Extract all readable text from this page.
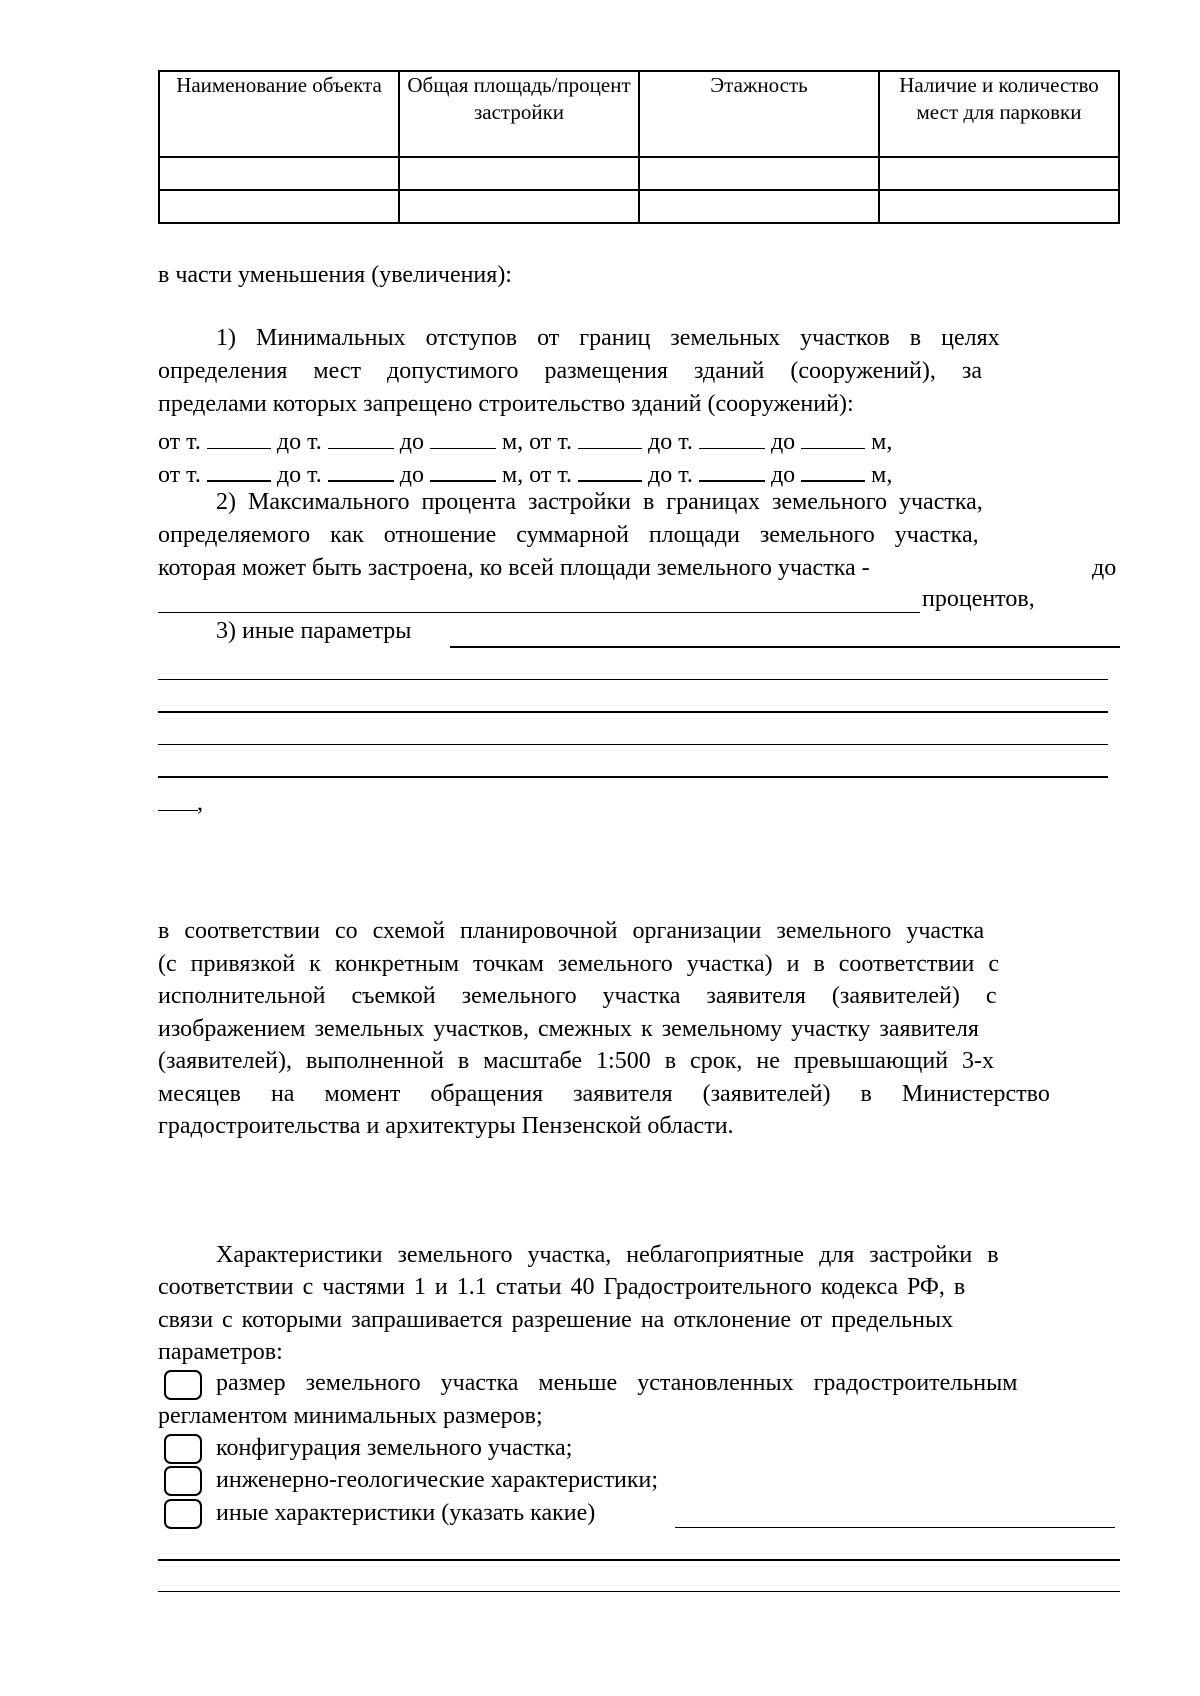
Наименование объекта	Общая площадь/процент застройки	Этажность	Наличие и количество мест для парковки

в части уменьшения (увеличения):
1) Минимальных отступов от границ земельных участков в целях
определения мест допустимого размещения зданий (сооружений), за
пределами которых запрещено строительство зданий (сооружений):
от т.	до т.	до	м, от т.	до т.	до	м,
от т.	до т.	до	м, от т.	до т.	до	м,
2) Максимального процента застройки в границах земельного участка,
определяемого как отношение суммарной площади земельного участка,
которая может быть застроена, ко всей площади земельного участка -	до
процентов,
3) иные параметры
,
в соответствии со схемой планировочной организации земельного участка
(с привязкой к конкретным точкам земельного участка) и в соответствии с
исполнительной съемкой земельного участка заявителя (заявителей) с
изображением земельных участков, смежных к земельному участку заявителя
(заявителей), выполненной в масштабе 1:500 в срок, не превышающий 3-х
месяцев на момент обращения заявителя (заявителей) в Министерство
градостроительства и архитектуры Пензенской области.
Характеристики земельного участка, неблагоприятные для застройки в
соответствии с частями 1 и 1.1 статьи 40 Градостроительного кодекса РФ, в
связи с которыми запрашивается разрешение на отклонение от предельных
параметров:
размер земельного участка меньше установленных градостроительным
регламентом минимальных размеров;
конфигурация земельного участка;
инженерно-геологические характеристики;
иные характеристики (указать какие)
